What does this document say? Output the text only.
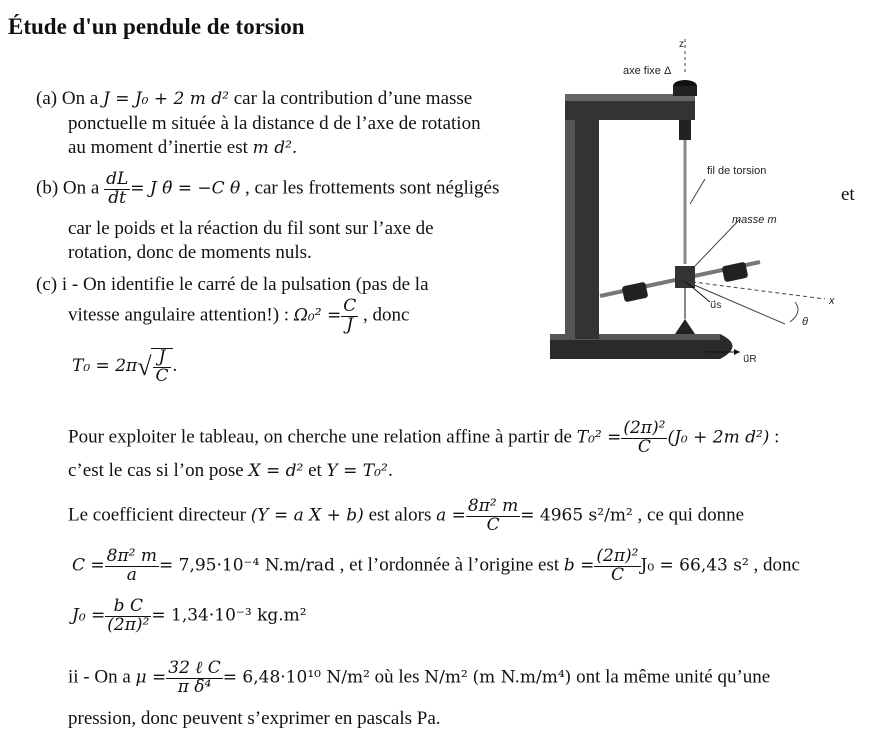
Étude d'un pendule de torsion
(a) On a J = J₀ + 2 m d² car la contribution d’une masse
ponctuelle m située à la distance d de l’axe de rotation
au moment d’inertie est m d².
(b) On a $\frac{dL}{dt} = J$ θ̈ = −C θ , car les frottements sont négligés	et
car le poids et la réaction du fil sont sur l’axe de
rotation, donc de moments nuls.
(c) i - On identifie le carré de la pulsation (pas de la
vitesse angulaire attention!) : $\Omega_0^2 = \frac{C}{J}$ , donc
$T_0 = 2\pi√ \frac{J}{C}$ .
Pour exploiter le tableau, on cherche une relation affine à partir de $T_0^2 = \frac{\text{(2π)²}}{C} (J_0 + 2m$ d²) :
c’est le cas si l’on pose X = d² et Y = T₀².
Le coefficient directeur (Y = a X + b) est alors $a = \frac{\text{8π² m}}{C} = 4965$ s²/m² , ce qui donne
$C = \frac{\text{8π² m}}{a} = 7,95\cdot 10^{-4}$ N.m/rad , et l’ordonnée à l’origine est $b = \frac{\text{(2π)²}}{C} J_0 = 66,43$ s² , donc
$J_0 = \frac{\text{b C}}{\text{(2π)²}} = 1,34\cdot 10^{-3}$ kg.m²
ii - On a $\mu = \frac{\text{32 ℓ C}}{\text{π δ⁴}} = 6,48\cdot 10^{10}$ N/m² où les N/m² (m N.m/m⁴) ont la même unité qu’une
pression, donc peuvent s’exprimer en pascals Pa.
z
axe fixe Δ
fil de torsion
masse m
x
θ
u⃗s
u⃗R
